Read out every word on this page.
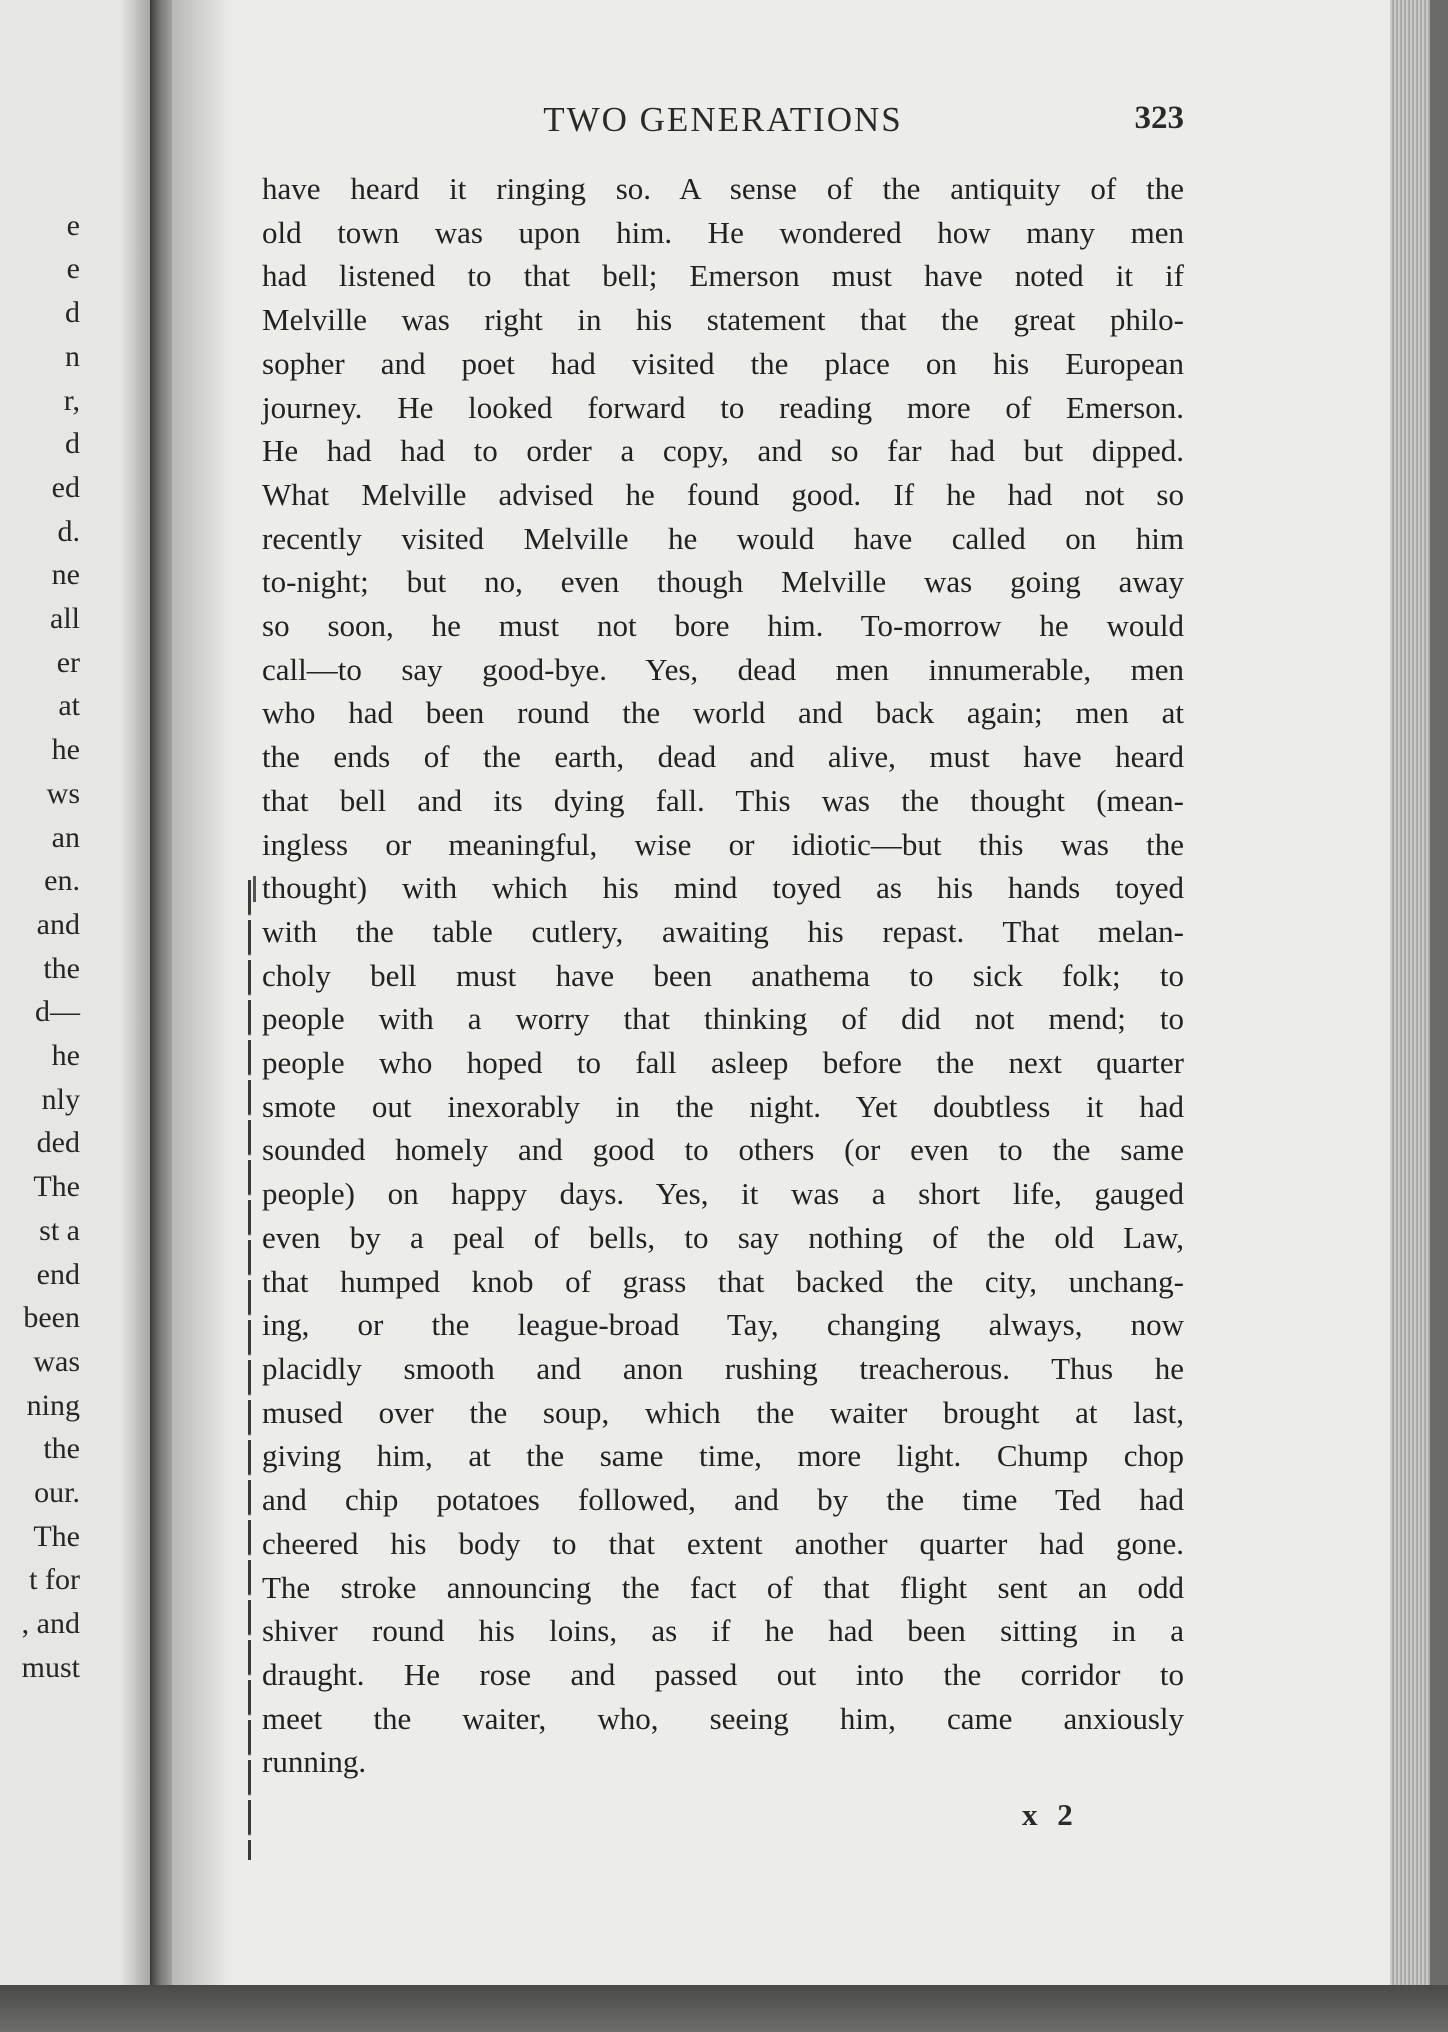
e
e
d
n
r,
d
ed
d.
ne
all
er
at
he
ws
an
en.
and
the
d—
he
nly
ded
The
st a
end
been
was
ning
the
our.
The
t for
, and
must
TWO GENERATIONS	323
have heard it ringing so. A sense of the antiquity of the
old town was upon him. He wondered how many men
had listened to that bell; Emerson must have noted it if
Melville was right in his statement that the great philo-
sopher and poet had visited the place on his European
journey. He looked forward to reading more of Emerson.
He had had to order a copy, and so far had but dipped.
What Melville advised he found good. If he had not so
recently visited Melville he would have called on him
to-night; but no, even though Melville was going away
so soon, he must not bore him. To-morrow he would
call—to say good-bye. Yes, dead men innumerable, men
who had been round the world and back again; men at
the ends of the earth, dead and alive, must have heard
that bell and its dying fall. This was the thought (mean-
ingless or meaningful, wise or idiotic—but this was the
thought) with which his mind toyed as his hands toyed
with the table cutlery, awaiting his repast. That melan-
choly bell must have been anathema to sick folk; to
people with a worry that thinking of did not mend; to
people who hoped to fall asleep before the next quarter
smote out inexorably in the night. Yet doubtless it had
sounded homely and good to others (or even to the same
people) on happy days. Yes, it was a short life, gauged
even by a peal of bells, to say nothing of the old Law,
that humped knob of grass that backed the city, unchang-
ing, or the league-broad Tay, changing always, now
placidly smooth and anon rushing treacherous. Thus he
mused over the soup, which the waiter brought at last,
giving him, at the same time, more light. Chump chop
and chip potatoes followed, and by the time Ted had
cheered his body to that extent another quarter had gone.
The stroke announcing the fact of that flight sent an odd
shiver round his loins, as if he had been sitting in a
draught. He rose and passed out into the corridor to
meet the waiter, who, seeing him, came anxiously
running.
x 2
